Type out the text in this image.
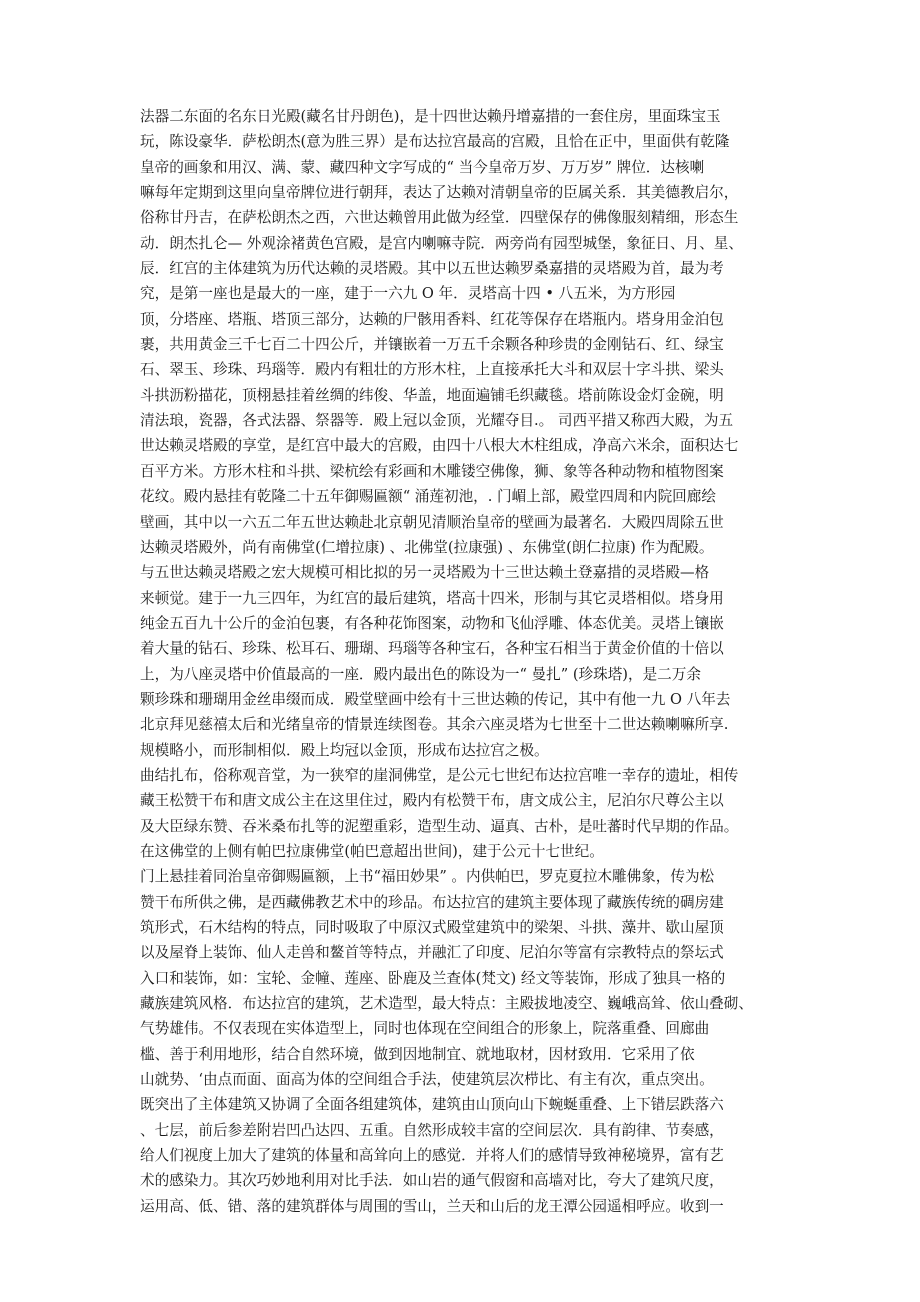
法器二东面的名东日光殿(藏名甘丹朗色)，是十四世达赖丹增嘉措的一套住房，里面珠宝玉
玩，陈设豪华．萨松朗杰(意为胜三界）是布达拉宫最高的宫殿，且恰在正中，里面供有乾隆
皇帝的画象和用汉、满、蒙、藏四种文字写成的“ 当今皇帝万岁、万万岁” 牌位．达核喇
嘛每年定期到这里向皇帝牌位进行朝拜，表达了达赖对清朝皇帝的臣属关系．其美德教启尔，
俗称甘丹吉，在萨松朗杰之西，六世达赖曾用此做为经堂．四壁保存的佛像服刻精细，形态生
动．朗杰扎仑— 外观涂褚黄色宫殿，是宫内喇嘛寺院．两旁尚有园型城堡，象征日、月、星、
辰．红宫的主体建筑为历代达赖的灵塔殿。其中以五世达赖罗桑嘉措的灵塔殿为首，最为考
究，是第一座也是最大的一座，建于一六九 O 年．灵塔高十四 • 八五米，为方形园
顶，分塔座、塔瓶、塔顶三部分，达赖的尸骸用香料、红花等保存在塔瓶内。塔身用金泊包
裹，共用黄金三千七百二十四公斤，并镶嵌着一万五千余颗各种珍贵的金刚钻石、红、绿宝
石、翠玉、珍珠、玛瑙等．殿内有粗壮的方形木柱，上直接承托大斗和双层十字斗拱、梁头
斗拱沥粉描花，顶栩悬挂着丝绸的纬俊、华盖，地面遍铺毛织藏毯。塔前陈设金灯金碗，明
清法琅，瓷器，各式法器、祭器等．殿上冠以金顶，光耀夺目.。 司西平措又称西大殿，为五
世达赖灵塔殿的享堂，是红宫中最大的宫殿，由四十八根大木柱组成，净高六米余，面积达七
百平方米。方形木柱和斗拱、梁杭绘有彩画和木雕镂空佛像，狮、象等各种动物和植物图案
花纹。殿内悬挂有乾隆二十五年御赐匾额“ 涌莲初池，. 门嵋上部，殿堂四周和内院回廊绘
壁画，其中以一六五二年五世达赖赴北京朝见清顺治皇帝的壁画为最著名．大殿四周除五世
达赖灵塔殿外，尚有南佛堂(仁增拉康) 、北佛堂(拉康强) 、东佛堂(朗仁拉康) 作为配殿。
与五世达赖灵塔殿之宏大规模可相比拟的另一灵塔殿为十三世达赖土登嘉措的灵塔殿—格
来顿觉。建于一九三四年，为红宫的最后建筑，塔高十四米，形制与其它灵塔相似。塔身用
纯金五百九十公斤的金泊包裹，有各种花饰图案，动物和飞仙浮雕、体态优美。灵塔上镶嵌
着大量的钻石、珍珠、松耳石、珊瑚、玛瑙等各种宝石，各种宝石相当于黄金价值的十倍以
上，为八座灵塔中价值最高的一座．殿内最出色的陈设为一“ 曼扎” (珍珠塔)，是二万余
颗珍珠和珊瑚用金丝串缀而成．殿堂壁画中绘有十三世达赖的传记，其中有他一九 O 八年去
北京拜见慈禧太后和光绪皇帝的情景连续图卷。其余六座灵塔为七世至十二世达赖喇嘛所享.
规模略小，而形制相似．殿上均冠以金顶，形成布达拉宫之极。
曲结扎布，俗称观音堂，为一狭窄的崖洞佛堂，是公元七世纪布达拉宫唯一幸存的遗址，相传
藏王松赞干布和唐文成公主在这里住过，殿内有松赞干布，唐文成公主，尼泊尔尺尊公主以
及大臣绿东赞、吞米桑布扎等的泥塑重彩，造型生动、逼真、古朴，是吐蕃时代早期的作品。
在这佛堂的上侧有帕巴拉康佛堂(帕巴意超出世间)，建于公元十七世纪。
门上悬挂着同治皇帝御赐匾额，上书“福田妙果” 。内供帕巴，罗克夏拉木雕佛象，传为松
赞干布所供之佛，是西藏佛教艺术中的珍品。布达拉宫的建筑主要体现了藏族传统的碉房建
筑形式，石木结构的特点，同时吸取了中原汉式殿堂建筑中的梁架、斗拱、藻井、歇山屋顶
以及屋脊上装饰、仙人走兽和鳌首等特点，并融汇了印度、尼泊尔等富有宗教特点的祭坛式
入口和装饰，如：宝轮、金幢、莲座、卧鹿及兰查体(梵文) 经文等装饰，形成了独具一格的
藏族建筑风格．布达拉宫的建筑，艺术造型，最大特点：主殿拔地凌空、巍峨高耸、依山叠砌、
气势雄伟。不仅表现在实体造型上，同时也体现在空间组合的形象上，院落重叠、回廊曲
槛、善于利用地形，结合自然环境，做到因地制宜、就地取材，因材致用．它采用了依
山就势、‘由点而面、面高为体的空间组合手法，使建筑层次栉比、有主有次，重点突出。
既突出了主体建筑又协调了全面各组建筑体，建筑由山顶向山下蜿蜒重叠、上下错层跌落六
、七层，前后参差附岩凹凸达四、五重。自然形成较丰富的空间层次．具有韵律、节奏感，
给人们视度上加大了建筑的体量和高耸向上的感觉．并将人们的感情导致神秘境界，富有艺
术的感染力。其次巧妙地利用对比手法．如山岩的通气假窗和高墙对比，夸大了建筑尺度，
运用高、低、错、落的建筑群体与周围的雪山，兰天和山后的龙王潭公园遥相呼应。收到一
